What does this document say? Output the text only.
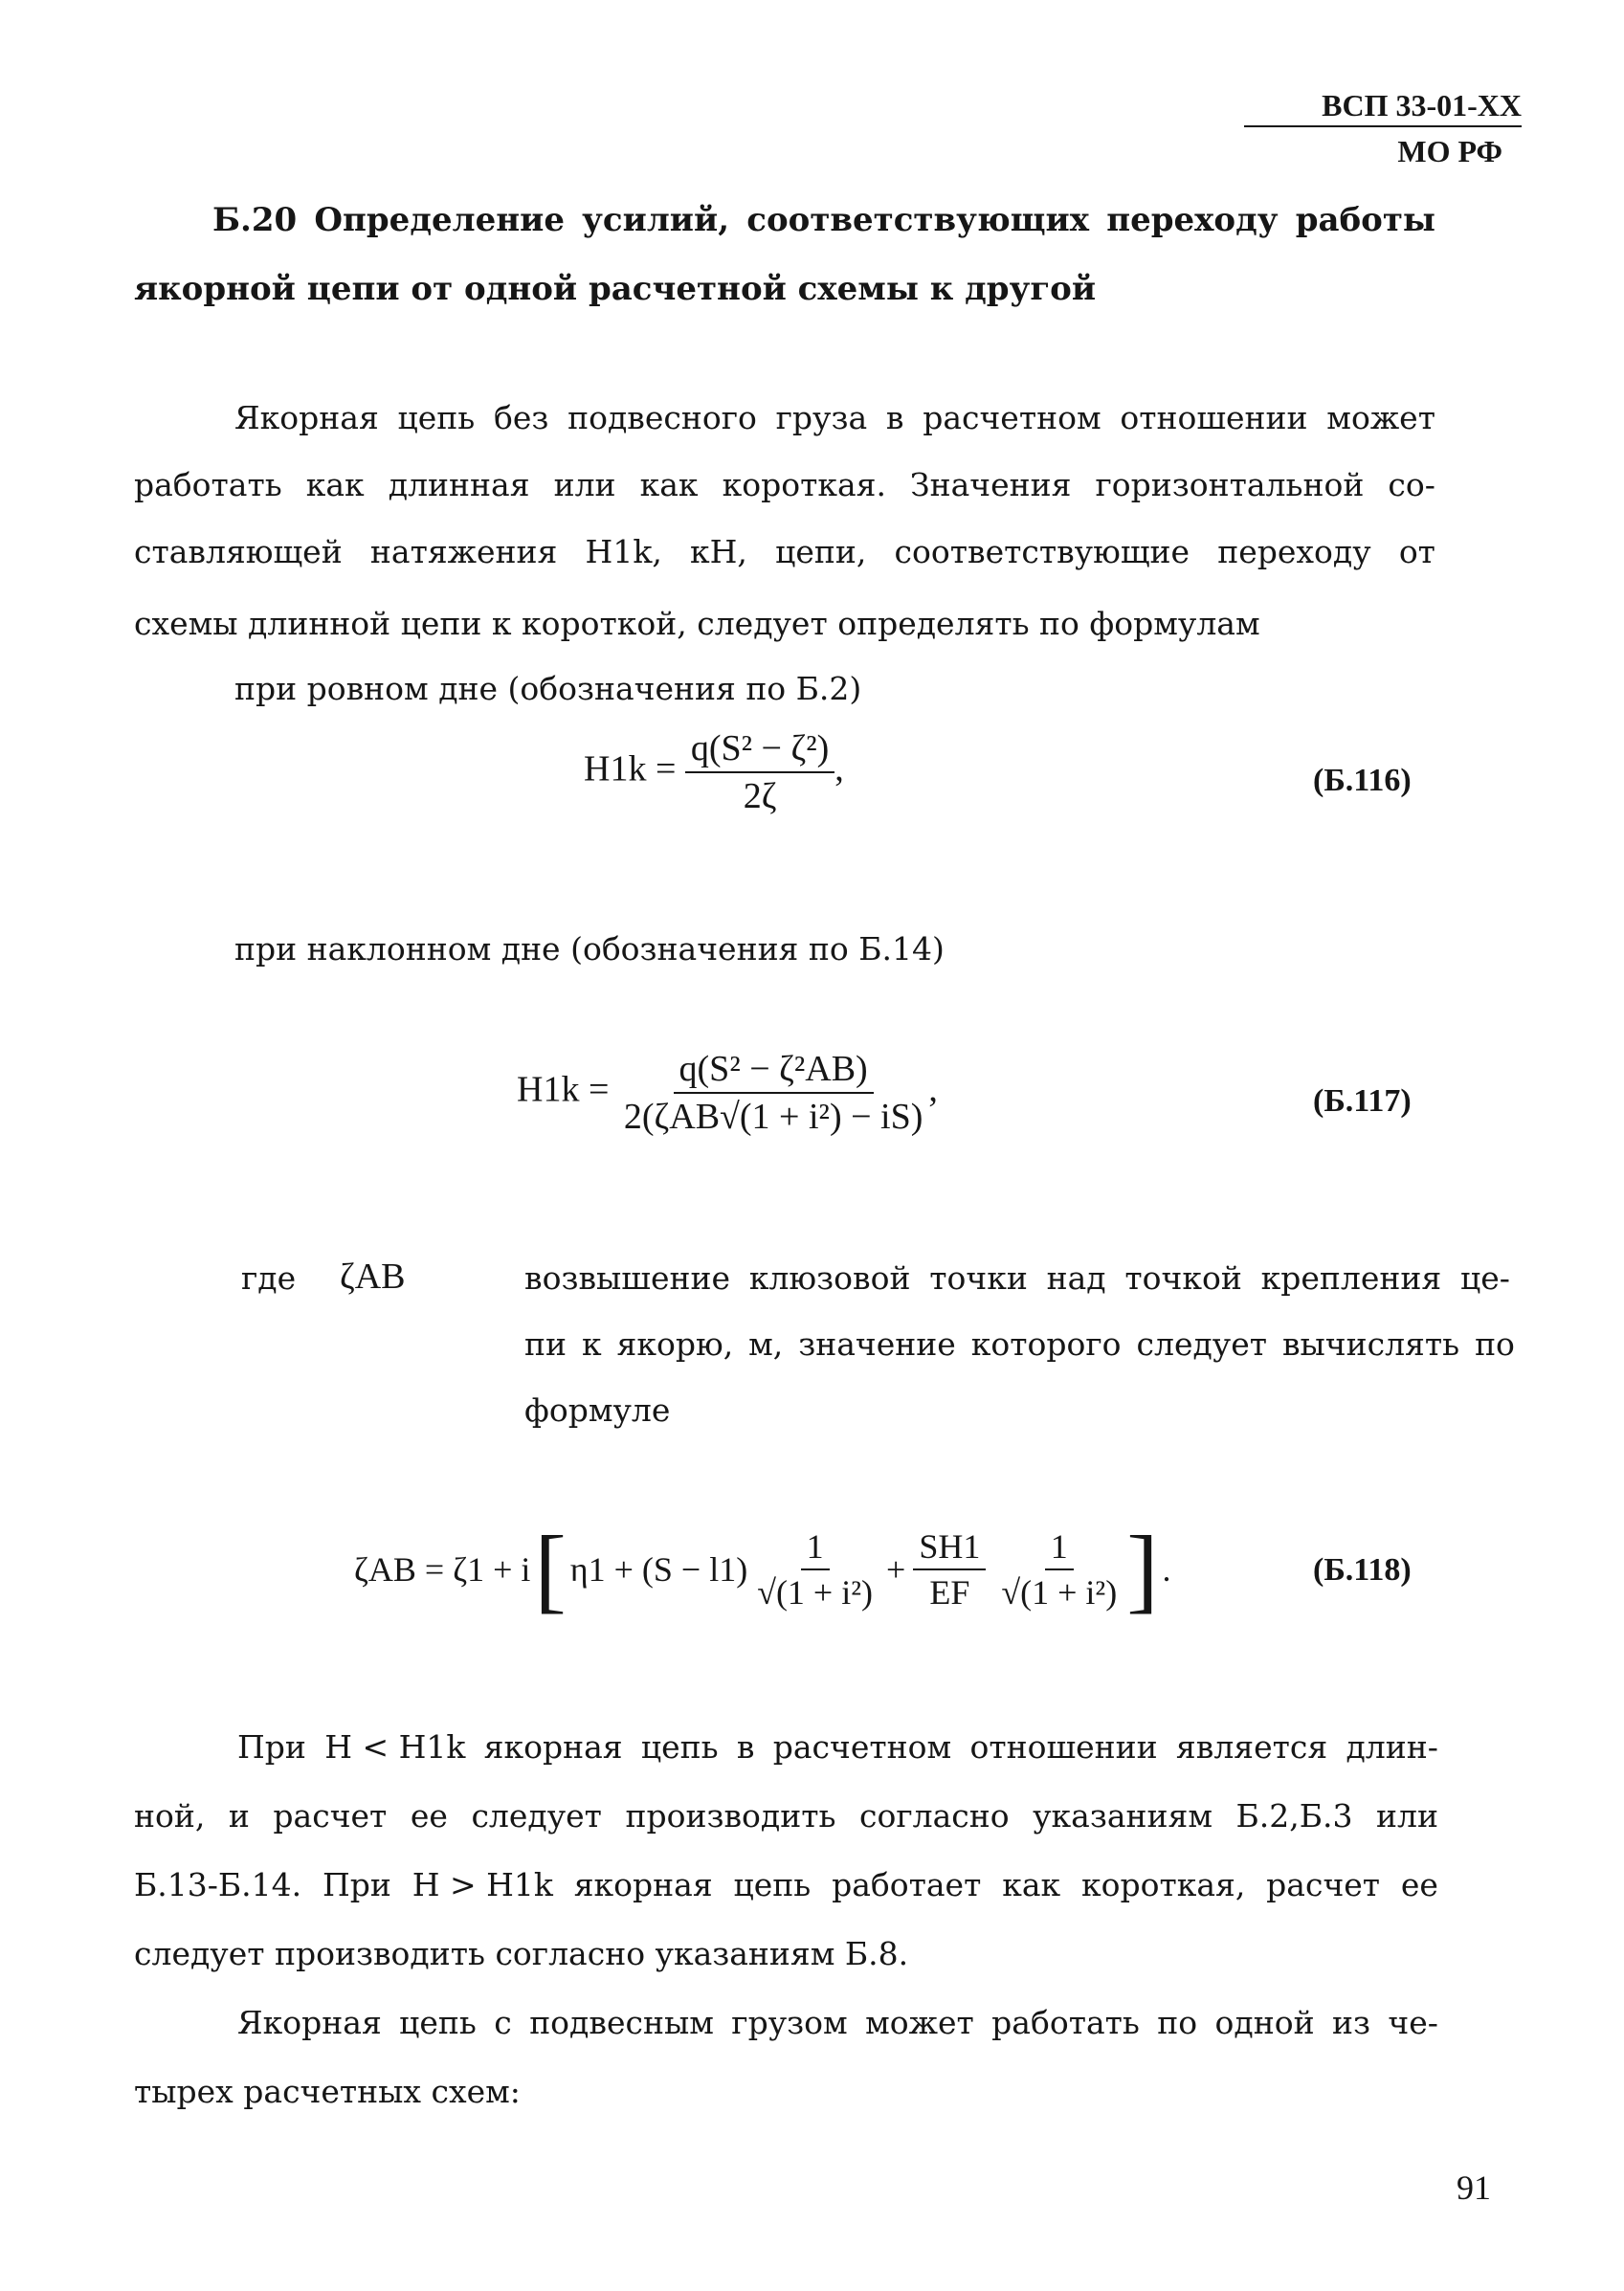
ВСП 33-01-ХХ
МО РФ
Б.20 Определение усилий, соответствующих переходу работы
якорной цепи от одной расчетной схемы к другой
Якорная цепь без подвесного груза в расчетном отношении может
работать как длинная или как короткая. Значения горизонтальной со-
ставляющей натяжения H1k, кН, цепи, соответствующие переходу от
схемы длинной цепи к короткой, следует определять по формулам
при ровном дне (обозначения по Б.2)
$H1k = \frac{\text{q(S² − ζ²)}}{2\zeta}$ ,	(Б.116)
при наклонном дне (обозначения по Б.14)
$H1k = \frac{\text{q(S² − ζ²AB)}}{\text{2(ζAB√(1 + i²) − iS)}}$ ,	(Б.117)
где ζAB	возвышение клюзовой точки над точкой крепления це-
пи к якорю, м, значение которого следует вычислять по
формуле
ζAB = ζ1 + i [ $\eta 1 + (S - l1) \frac{1}{\text{√(1 + i²)}} + \frac{SH1}{EF} \frac{1}{\text{√(1 + i²)}}$ ] .	(Б.118)
При H < H1k якорная цепь в расчетном отношении является длин-
ной, и расчет ее следует производить согласно указаниям Б.2,Б.3 или
Б.13-Б.14. При H > H1k якорная цепь работает как короткая, расчет ее
следует производить согласно указаниям Б.8.
Якорная цепь с подвесным грузом может работать по одной из че-
тырех расчетных схем:
91
